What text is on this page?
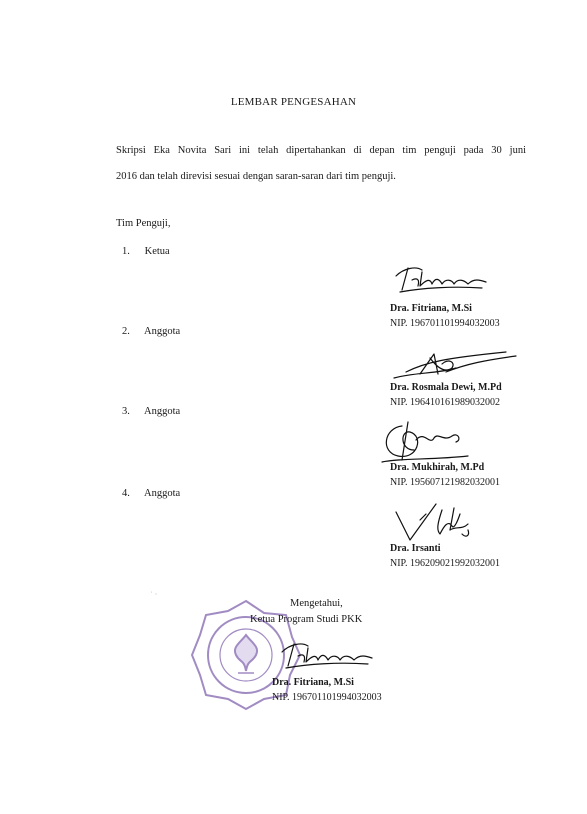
LEMBAR PENGESAHAN
Skripsi Eka Novita Sari ini telah dipertahankan di depan tim penguji pada 30 juni
2016 dan telah direvisi sesuai dengan saran-saran dari tim penguji.
Tim Penguji,
1. Ketua
Dra. Fitriana, M.Si
NIP. 196701101994032003
2. Anggota
Dra. Rosmala Dewi, M.Pd
NIP. 196410161989032002
3. Anggota
Dra. Mukhirah, M.Pd
NIP. 195607121982032001
4. Anggota
Dra. Irsanti
NIP. 196209021992032001
˙ ·
Mengetahui,
Ketua Program Studi PKK
Dra. Fitriana, M.Si
NIP. 196701101994032003
